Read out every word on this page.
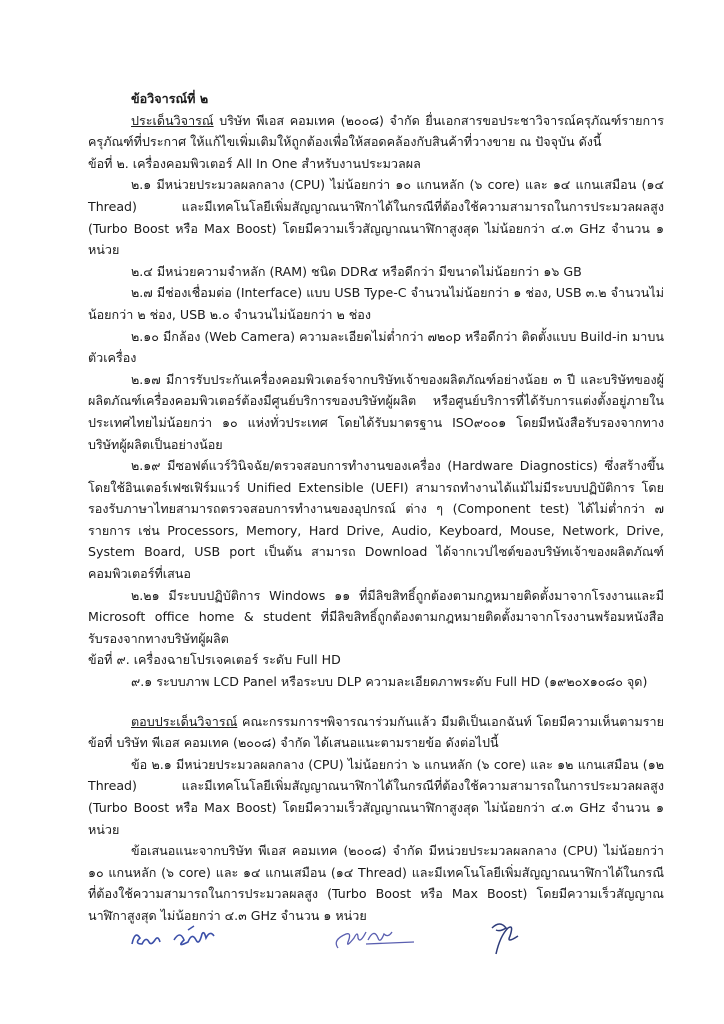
ข้อวิจารณ์ที่ ๒
ประเด็นวิจารณ์ บริษัท พีเอส คอมเทค (๒๐๐๘) จำกัด ยื่นเอกสารขอประชาวิจารณ์ครุภัณฑ์รายการครุภัณฑ์ที่ประกาศ ให้แก้ไขเพิ่มเติมให้ถูกต้องเพื่อให้สอดคล้องกับสินค้าที่วางขาย ณ ปัจจุบัน ดังนี้
ข้อที่ ๒. เครื่องคอมพิวเตอร์ All In One สำหรับงานประมวลผล
๒.๑ มีหน่วยประมวลผลกลาง (CPU) ไม่น้อยกว่า ๑๐ แกนหลัก (๖ core) และ ๑๔ แกนเสมือน (๑๔ Thread) และมีเทคโนโลยีเพิ่มสัญญาณนาฬิกาได้ในกรณีที่ต้องใช้ความสามารถในการประมวลผลสูง (Turbo Boost หรือ Max Boost) โดยมีความเร็วสัญญาณนาฬิกาสูงสุด ไม่น้อยกว่า ๔.๓ GHz จำนวน ๑ หน่วย
๒.๔ มีหน่วยความจำหลัก (RAM) ชนิด DDR๕ หรือดีกว่า มีขนาดไม่น้อยกว่า ๑๖ GB
๒.๗ มีช่องเชื่อมต่อ (Interface) แบบ USB Type-C จำนวนไม่น้อยกว่า ๑ ช่อง, USB ๓.๒ จำนวนไม่น้อยกว่า ๒ ช่อง, USB ๒.๐ จำนวนไม่น้อยกว่า ๒ ช่อง
๒.๑๐ มีกล้อง (Web Camera) ความละเอียดไม่ต่ำกว่า ๗๒๐p หรือดีกว่า ติดตั้งแบบ Build-in มาบนตัวเครื่อง
๒.๑๗ มีการรับประกันเครื่องคอมพิวเตอร์จากบริษัทเจ้าของผลิตภัณฑ์อย่างน้อย ๓ ปี และบริษัทของผู้ผลิตภัณฑ์เครื่องคอมพิวเตอร์ต้องมีศูนย์บริการของบริษัทผู้ผลิต หรือศูนย์บริการที่ได้รับการแต่งตั้งอยู่ภายในประเทศไทยไม่น้อยกว่า ๑๐ แห่งทั่วประเทศ โดยได้รับมาตรฐาน ISO๙๐๐๑ โดยมีหนังสือรับรองจากทางบริษัทผู้ผลิตเป็นอย่างน้อย
๒.๑๙ มีซอฟต์แวร์วินิจฉัย/ตรวจสอบการทำงานของเครื่อง (Hardware Diagnostics) ซึ่งสร้างขึ้นโดยใช้อินเตอร์เฟซเฟิร์มแวร์ Unified Extensible (UEFI) สามารถทำงานได้แม้ไม่มีระบบปฏิบัติการ โดยรองรับภาษาไทยสามารถตรวจสอบการทำงานของอุปกรณ์ ต่าง ๆ (Component test) ได้ไม่ต่ำกว่า ๗ รายการ เช่น Processors, Memory, Hard Drive, Audio, Keyboard, Mouse, Network, Drive, System Board, USB port เป็นต้น สามารถ Download ได้จากเวปไซต์ของบริษัทเจ้าของผลิตภัณฑ์คอมพิวเตอร์ที่เสนอ
๒.๒๑ มีระบบปฏิบัติการ Windows ๑๑ ที่มีลิขสิทธิ์ถูกต้องตามกฎหมายติดตั้งมาจากโรงงานและมี Microsoft office home & student ที่มีลิขสิทธิ์ถูกต้องตามกฎหมายติดตั้งมาจากโรงงานพร้อมหนังสือรับรองจากทางบริษัทผู้ผลิต
ข้อที่ ๙. เครื่องฉายโปรเจคเตอร์ ระดับ Full HD
๙.๑ ระบบภาพ LCD Panel หรือระบบ DLP ความละเอียดภาพระดับ Full HD (๑๙๒๐x๑๐๘๐ จุด)
ตอบประเด็นวิจารณ์ คณะกรรมการฯพิจารณาร่วมกันแล้ว มีมติเป็นเอกฉันท์ โดยมีความเห็นตามรายข้อที่ บริษัท พีเอส คอมเทค (๒๐๐๘) จำกัด ได้เสนอแนะตามรายข้อ ดังต่อไปนี้
ข้อ ๒.๑ มีหน่วยประมวลผลกลาง (CPU) ไม่น้อยกว่า ๖ แกนหลัก (๖ core) และ ๑๒ แกนเสมือน (๑๒ Thread) และมีเทคโนโลยีเพิ่มสัญญาณนาฬิกาได้ในกรณีที่ต้องใช้ความสามารถในการประมวลผลสูง (Turbo Boost หรือ Max Boost) โดยมีความเร็วสัญญาณนาฬิกาสูงสุด ไม่น้อยกว่า ๔.๓ GHz จำนวน ๑ หน่วย
ข้อเสนอแนะจากบริษัท พีเอส คอมเทค (๒๐๐๘) จำกัด มีหน่วยประมวลผลกลาง (CPU) ไม่น้อยกว่า ๑๐ แกนหลัก (๖ core) และ ๑๔ แกนเสมือน (๑๔ Thread) และมีเทคโนโลยีเพิ่มสัญญาณนาฬิกาได้ในกรณีที่ต้องใช้ความสามารถในการประมวลผลสูง (Turbo Boost หรือ Max Boost) โดยมีความเร็วสัญญาณนาฬิกาสูงสุด ไม่น้อยกว่า ๔.๓ GHz จำนวน ๑ หน่วย
